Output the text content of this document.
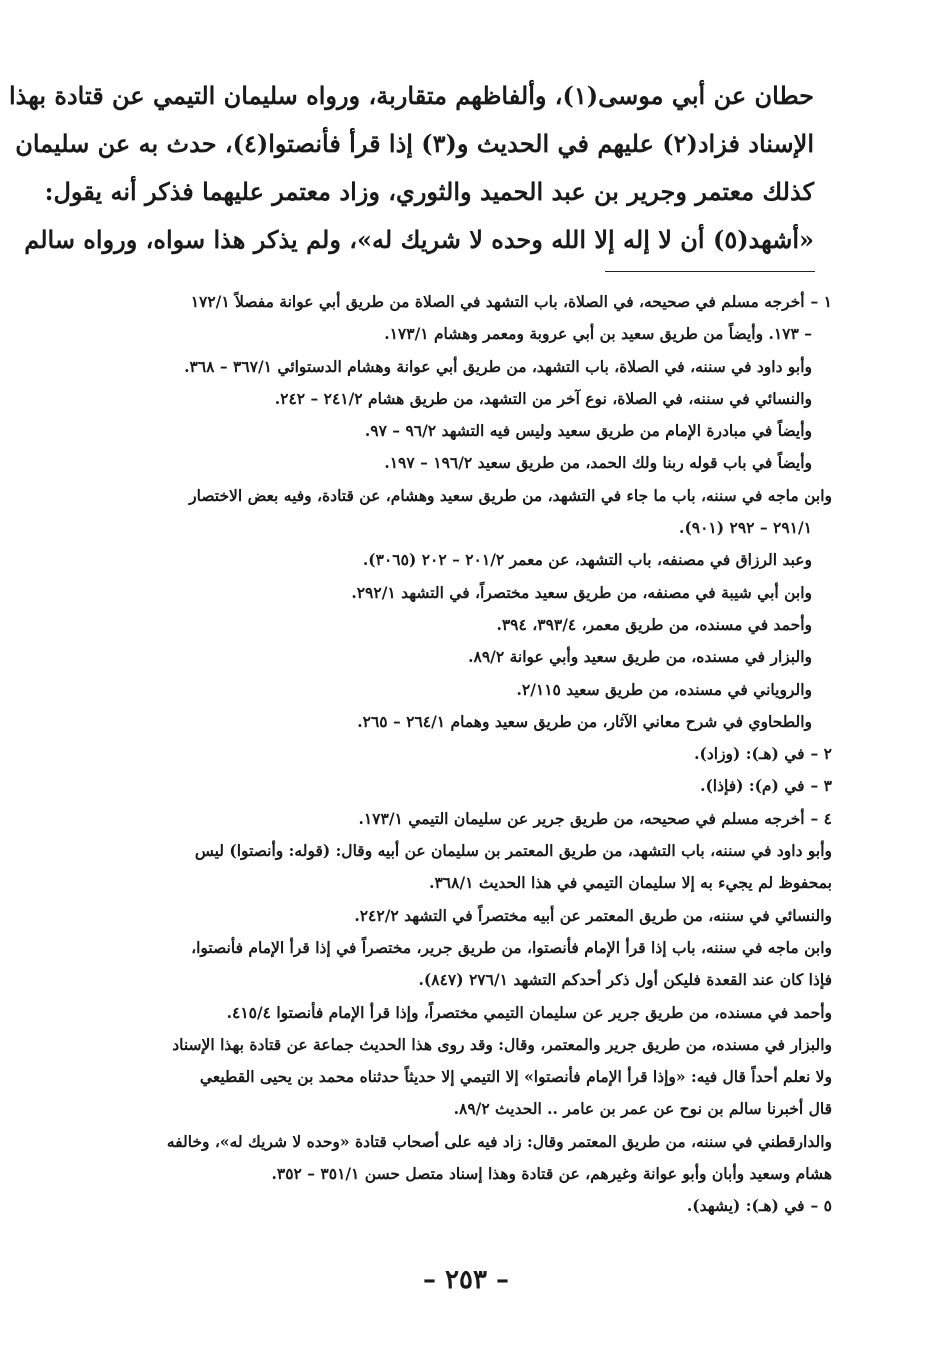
حطان عن أبي موسى(١)، وألفاظهم متقاربة، ورواه سليمان التيمي عن قتادة بهذا
الإسناد فزاد(٢) عليهم في الحديث و(٣) إذا قرأ فأنصتوا(٤)، حدث به عن سليمان
كذلك معتمر وجرير بن عبد الحميد والثوري، وزاد معتمر عليهما فذكر أنه يقول:
«أشهد(٥) أن لا إله إلا الله وحده لا شريك له»، ولم يذكر هذا سواه، ورواه سالم
١ – أخرجه مسلم في صحيحه، في الصلاة، باب التشهد في الصلاة من طريق أبي عوانة مفصلاً ١٧٢/١
– ١٧٣. وأيضاً من طريق سعيد بن أبي عروبة ومعمر وهشام ١٧٣/١.
وأبو داود في سننه، في الصلاة، باب التشهد، من طريق أبي عوانة وهشام الدستوائي ٣٦٧/١ – ٣٦٨.
والنسائي في سننه، في الصلاة، نوع آخر من التشهد، من طريق هشام ٢٤١/٢ – ٢٤٢.
وأيضاً في مبادرة الإمام من طريق سعيد وليس فيه التشهد ٩٦/٢ – ٩٧.
وأيضاً في باب قوله ربنا ولك الحمد، من طريق سعيد ١٩٦/٢ – ١٩٧.
وابن ماجه في سننه، باب ما جاء في التشهد، من طريق سعيد وهشام، عن قتادة، وفيه بعض الاختصار
٢٩١/١ – ٢٩٢ (٩٠١).
وعبد الرزاق في مصنفه، باب التشهد، عن معمر ٢٠١/٢ – ٢٠٢ (٣٠٦٥).
وابن أبي شيبة في مصنفه، من طريق سعيد مختصراً، في التشهد ٢٩٢/١.
وأحمد في مسنده، من طريق معمر، ٣٩٣/٤، ٣٩٤.
والبزار في مسنده، من طريق سعيد وأبي عوانة ٨٩/٢.
والروياني في مسنده، من طريق سعيد ٢/١١٥.
والطحاوي في شرح معاني الآثار، من طريق سعيد وهمام ٢٦٤/١ – ٢٦٥.
٢ – في (هـ): (وزاد).
٣ – في (م): (فإذا).
٤ – أخرجه مسلم في صحيحه، من طريق جرير عن سليمان التيمي ١٧٣/١.
وأبو داود في سننه، باب التشهد، من طريق المعتمر بن سليمان عن أبيه وقال: (قوله: وأنصتوا) ليس
بمحفوظ لم يجيء به إلا سليمان التيمي في هذا الحديث ٣٦٨/١.
والنسائي في سننه، من طريق المعتمر عن أبيه مختصراً في التشهد ٢٤٢/٢.
وابن ماجه في سننه، باب إذا قرأ الإمام فأنصتوا، من طريق جرير، مختصراً في إذا قرأ الإمام فأنصتوا،
فإذا كان عند القعدة فليكن أول ذكر أحدكم التشهد ٢٧٦/١ (٨٤٧).
وأحمد في مسنده، من طريق جرير عن سليمان التيمي مختصراً، وإذا قرأ الإمام فأنصتوا ٤١٥/٤.
والبزار في مسنده، من طريق جرير والمعتمر، وقال: وقد روى هذا الحديث جماعة عن قتادة بهذا الإسناد
ولا نعلم أحداً قال فيه: «وإذا قرأ الإمام فأنصتوا» إلا التيمي إلا حديثاً حدثناه محمد بن يحيى القطيعي
قال أخبرنا سالم بن نوح عن عمر بن عامر .. الحديث ٨٩/٢.
والدارقطني في سننه، من طريق المعتمر وقال: زاد فيه على أصحاب قتادة «وحده لا شريك له»، وخالفه
هشام وسعيد وأبان وأبو عوانة وغيرهم، عن قتادة وهذا إسناد متصل حسن ٣٥١/١ – ٣٥٢.
٥ – في (هـ): (يشهد).
– ٢٥٣ –
